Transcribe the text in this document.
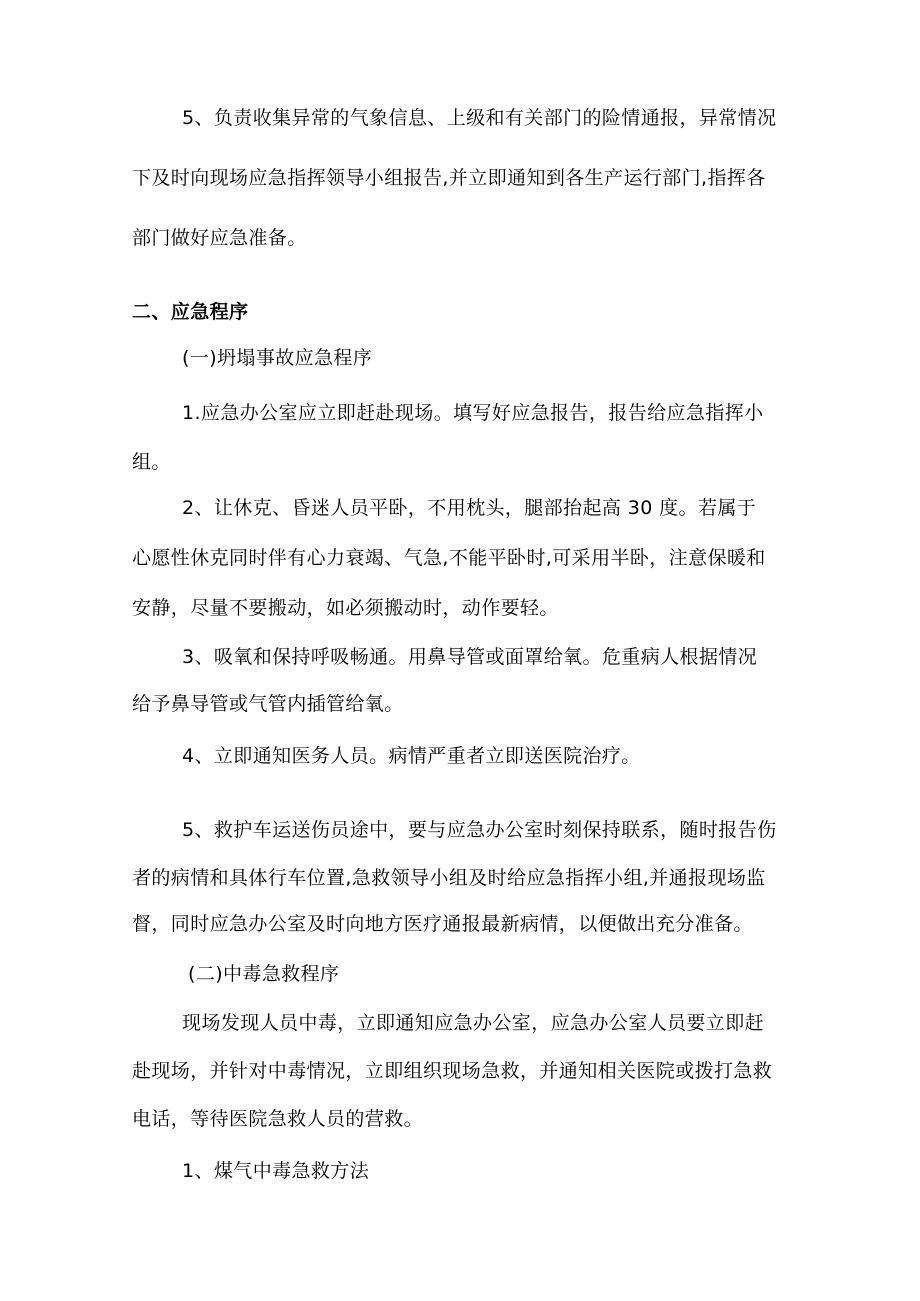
5、负责收集异常的气象信息、上级和有关部门的险情通报，异常情况
下及时向现场应急指挥领导小组报告,并立即通知到各生产运行部门,指挥各
部门做好应急准备。
二、应急程序
(一)坍塌事故应急程序
1.应急办公室应立即赶赴现场。填写好应急报告，报告给应急指挥小
组。
2、让休克、昏迷人员平卧，不用枕头，腿部抬起高 30 度。若属于
心愿性休克同时伴有心力衰竭、气急,不能平卧时,可采用半卧，注意保暖和
安静，尽量不要搬动，如必须搬动时，动作要轻。
3、吸氧和保持呼吸畅通。用鼻导管或面罩给氧。危重病人根据情况
给予鼻导管或气管内插管给氧。
4、立即通知医务人员。病情严重者立即送医院治疗。
5、救护车运送伤员途中，要与应急办公室时刻保持联系，随时报告伤
者的病情和具体行车位置,急救领导小组及时给应急指挥小组,并通报现场监
督，同时应急办公室及时向地方医疗通报最新病情，以便做出充分准备。
(二)中毒急救程序
现场发现人员中毒，立即通知应急办公室，应急办公室人员要立即赶
赴现场，并针对中毒情况，立即组织现场急救，并通知相关医院或拨打急救
电话，等待医院急救人员的营救。
1、煤气中毒急救方法
